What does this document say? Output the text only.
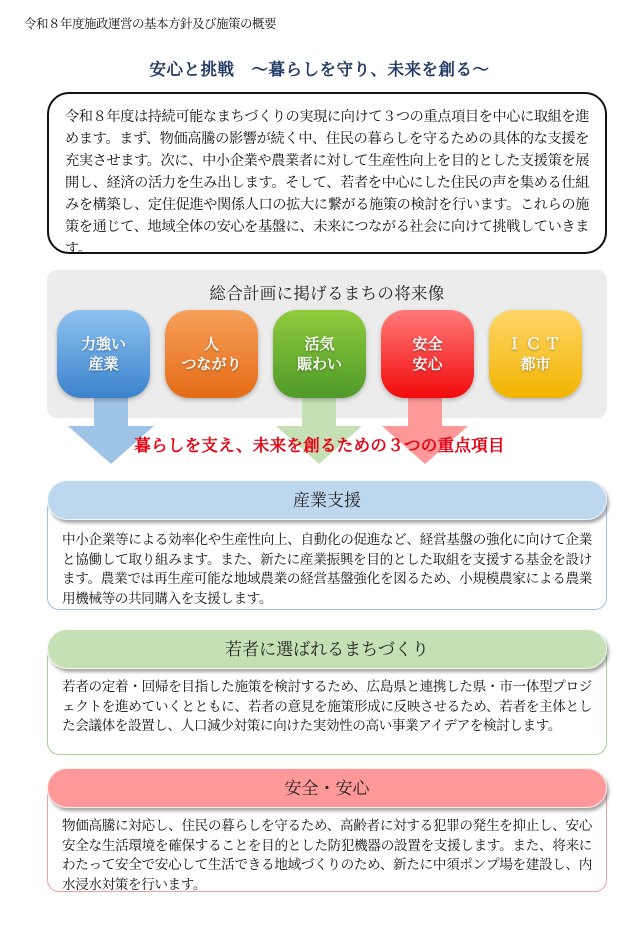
令和８年度施政運営の基本方針及び施策の概要
安心と挑戦　～暮らしを守り、未来を創る～

令和８年度は持続可能なまちづくりの実現に向けて３つの重点項目を中心に取組を進めます。まず、物価高騰の影響が続く中、住民の暮らしを守るための具体的な支援を充実させます。次に、中小企業や農業者に対して生産性向上を目的とした支援策を展開し、経済の活力を生み出します。そして、若者を中心にした住民の声を集める仕組みを構築し、定住促進や関係人口の拡大に繋がる施策の検討を行います。これらの施策を通じて、地域全体の安心を基盤に、未来につながる社会に向けて挑戦していきます。

総合計画に掲げるまちの将来像
力強い
産業
人
つながり
活気
賑わい
安全
安心
ＩＣＴ
都市
暮らしを支え、未来を創るための３つの重点項目
産業支援

中小企業等による効率化や生産性向上、自動化の促進など、経営基盤の強化に向けて企業と協働して取り組みます。また、新たに産業振興を目的とした取組を支援する基金を設けます。農業では再生産可能な地域農業の経営基盤強化を図るため、小規模農家による農業用機械等の共同購入を支援します。

若者に選ばれるまちづくり

若者の定着・回帰を目指した施策を検討するため、広島県と連携した県・市一体型プロジェクトを進めていくとともに、若者の意見を施策形成に反映させるため、若者を主体とした会議体を設置し、人口減少対策に向けた実効性の高い事業アイデアを検討します。

安全・安心

物価高騰に対応し、住民の暮らしを守るため、高齢者に対する犯罪の発生を抑止し、安心安全な生活環境を確保することを目的とした防犯機器の設置を支援します。また、将来にわたって安全で安心して生活できる地域づくりのため、新たに中須ポンプ場を建設し、内水浸水対策を行います。
